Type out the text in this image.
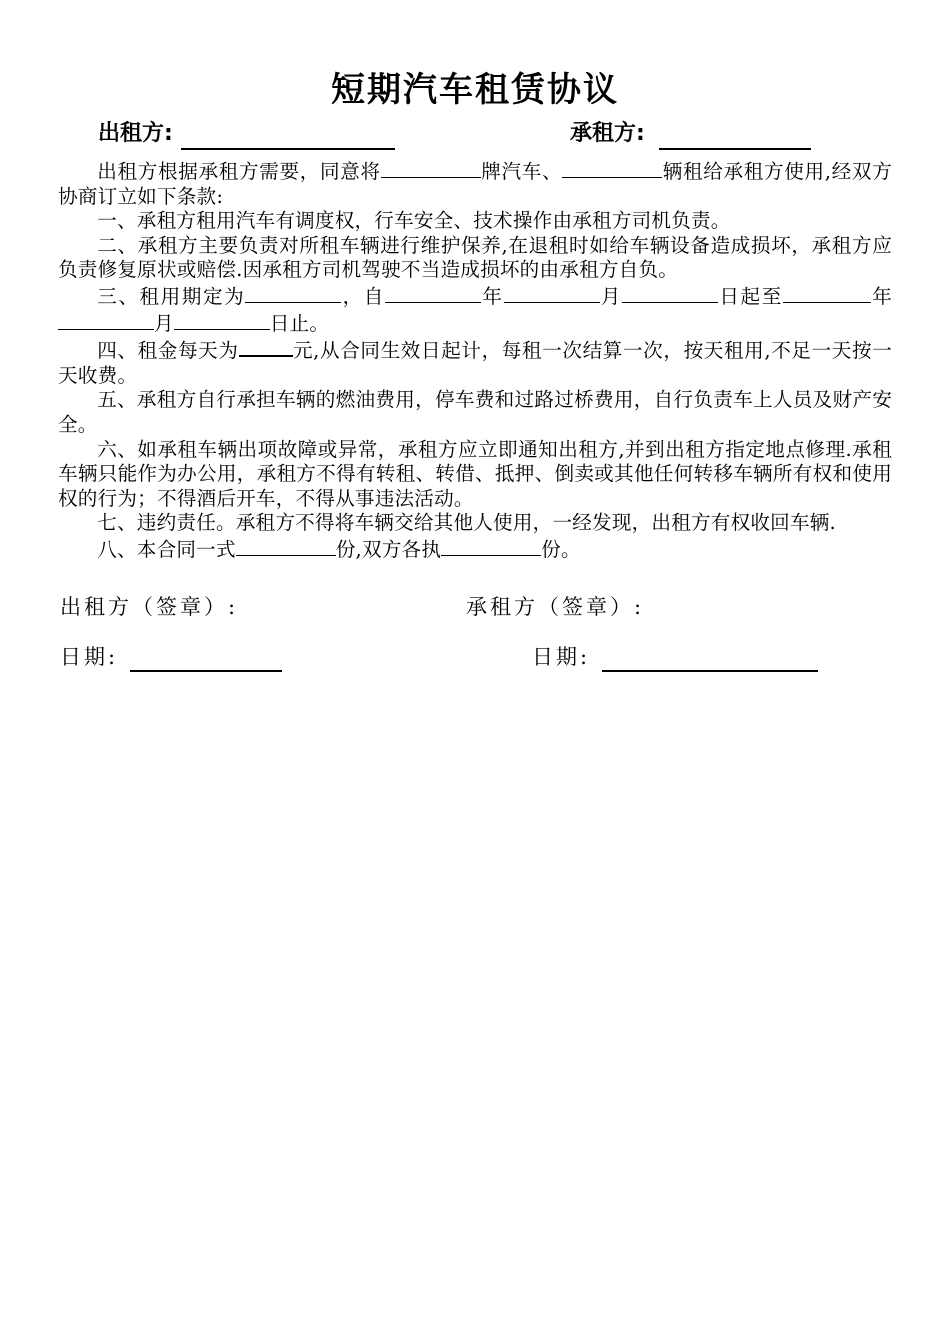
短期汽车租赁协议
出租方:	承租方:

出租方根据承租方需要，同意将	牌汽车、	辆租给承租方使用,经双方协商订立如下条款:

一、承租方租用汽车有调度权，行车安全、技术操作由承租方司机负责。

二、承租方主要负责对所租车辆进行维护保养,在退租时如给车辆设备造成损坏，承租方应负责修复原状或赔偿.因承租方司机驾驶不当造成损坏的由承租方自负。

三、租用期定为	，自	年	月	日起至	年月	日止。

四、租金每天为	元,从合同生效日起计，每租一次结算一次，按天租用,不足一天按一天收费。

五、承租方自行承担车辆的燃油费用，停车费和过路过桥费用，自行负责车上人员及财产安全。

六、如承租车辆出项故障或异常，承租方应立即通知出租方,并到出租方指定地点修理.承租车辆只能作为办公用，承租方不得有转租、转借、抵押、倒卖或其他任何转移车辆所有权和使用权的行为；不得酒后开车，不得从事违法活动。

七、违约责任。承租方不得将车辆交给其他人使用，一经发现，出租方有权收回车辆.

八、本合同一式	份,双方各执	份。

出租方（签章）:	承租方（签章）:
日期:	日期:
